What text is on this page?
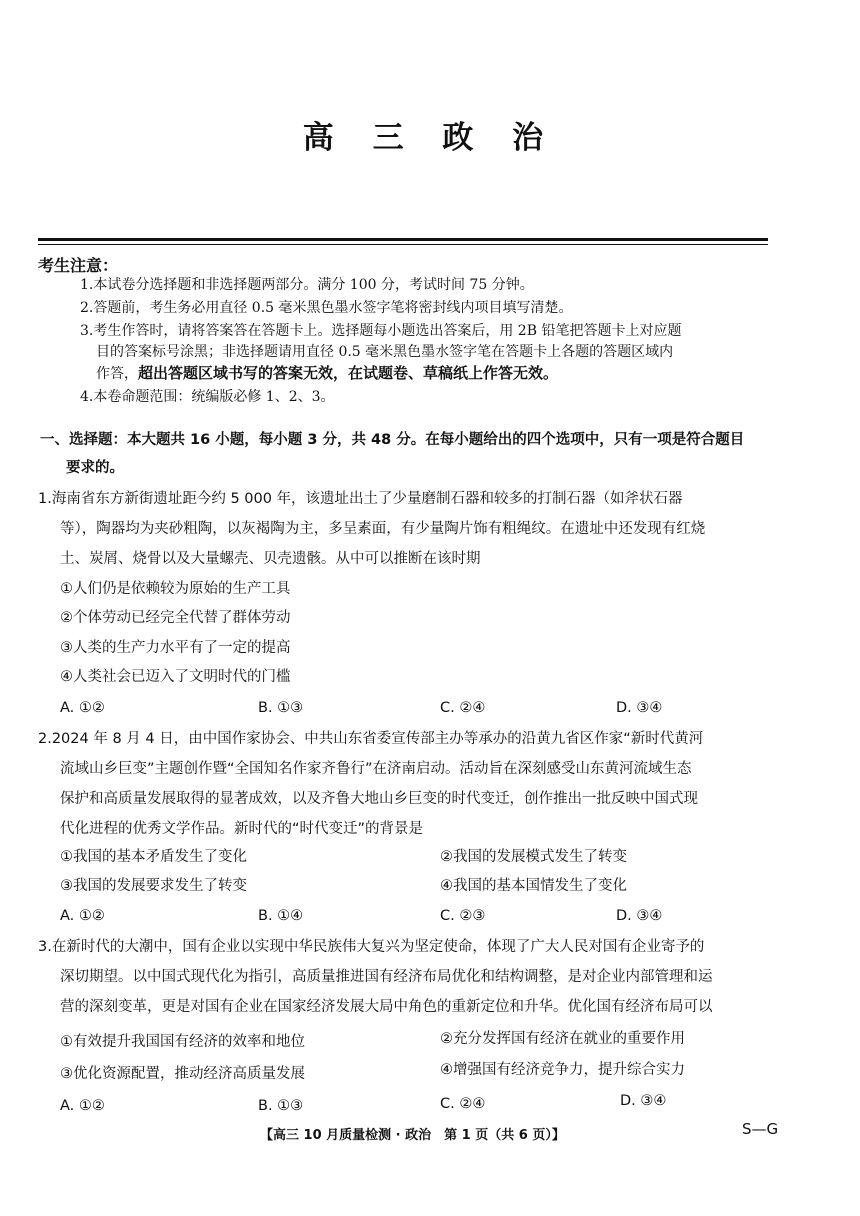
高 三 政 治
考生注意：
1.本试卷分选择题和非选择题两部分。满分 100 分，考试时间 75 分钟。
2.答题前，考生务必用直径 0.5 毫米黑色墨水签字笔将密封线内项目填写清楚。
3.考生作答时，请将答案答在答题卡上。选择题每小题选出答案后，用 2B 铅笔把答题卡上对应题
目的答案标号涂黑；非选择题请用直径 0.5 毫米黑色墨水签字笔在答题卡上各题的答题区域内
作答，超出答题区域书写的答案无效，在试题卷、草稿纸上作答无效。
4.本卷命题范围：统编版必修 1、2、3。
一、选择题：本大题共 16 小题，每小题 3 分，共 48 分。在每小题给出的四个选项中，只有一项是符合题目
要求的。
1.海南省东方新街遗址距今约 5 000 年，该遗址出土了少量磨制石器和较多的打制石器（如斧状石器
等），陶器均为夹砂粗陶，以灰褐陶为主，多呈素面，有少量陶片饰有粗绳纹。在遗址中还发现有红烧
土、炭屑、烧骨以及大量螺壳、贝壳遗骸。从中可以推断在该时期
①人们仍是依赖较为原始的生产工具
②个体劳动已经完全代替了群体劳动
③人类的生产力水平有了一定的提高
④人类社会已迈入了文明时代的门槛
A. ①②	B. ①③	C. ②④	D. ③④
2.2024 年 8 月 4 日，由中国作家协会、中共山东省委宣传部主办等承办的沿黄九省区作家“新时代黄河
流域山乡巨变”主题创作暨“全国知名作家齐鲁行”在济南启动。活动旨在深刻感受山东黄河流域生态
保护和高质量发展取得的显著成效，以及齐鲁大地山乡巨变的时代变迁，创作推出一批反映中国式现
代化进程的优秀文学作品。新时代的“时代变迁”的背景是
①我国的基本矛盾发生了变化	②我国的发展模式发生了转变
③我国的发展要求发生了转变	④我国的基本国情发生了变化
A. ①②	B. ①④	C. ②③	D. ③④
3.在新时代的大潮中，国有企业以实现中华民族伟大复兴为坚定使命，体现了广大人民对国有企业寄予的
深切期望。以中国式现代化为指引，高质量推进国有经济布局优化和结构调整，是对企业内部管理和运
营的深刻变革，更是对国有企业在国家经济发展大局中角色的重新定位和升华。优化国有经济布局可以
①有效提升我国国有经济的效率和地位	②充分发挥国有经济在就业的重要作用
③优化资源配置，推动经济高质量发展	④增强国有经济竞争力，提升综合实力
A. ①②	B. ①③	C. ②④	D. ③④
【高三 10 月质量检测 · 政治　第 1 页（共 6 页）】	S—G
